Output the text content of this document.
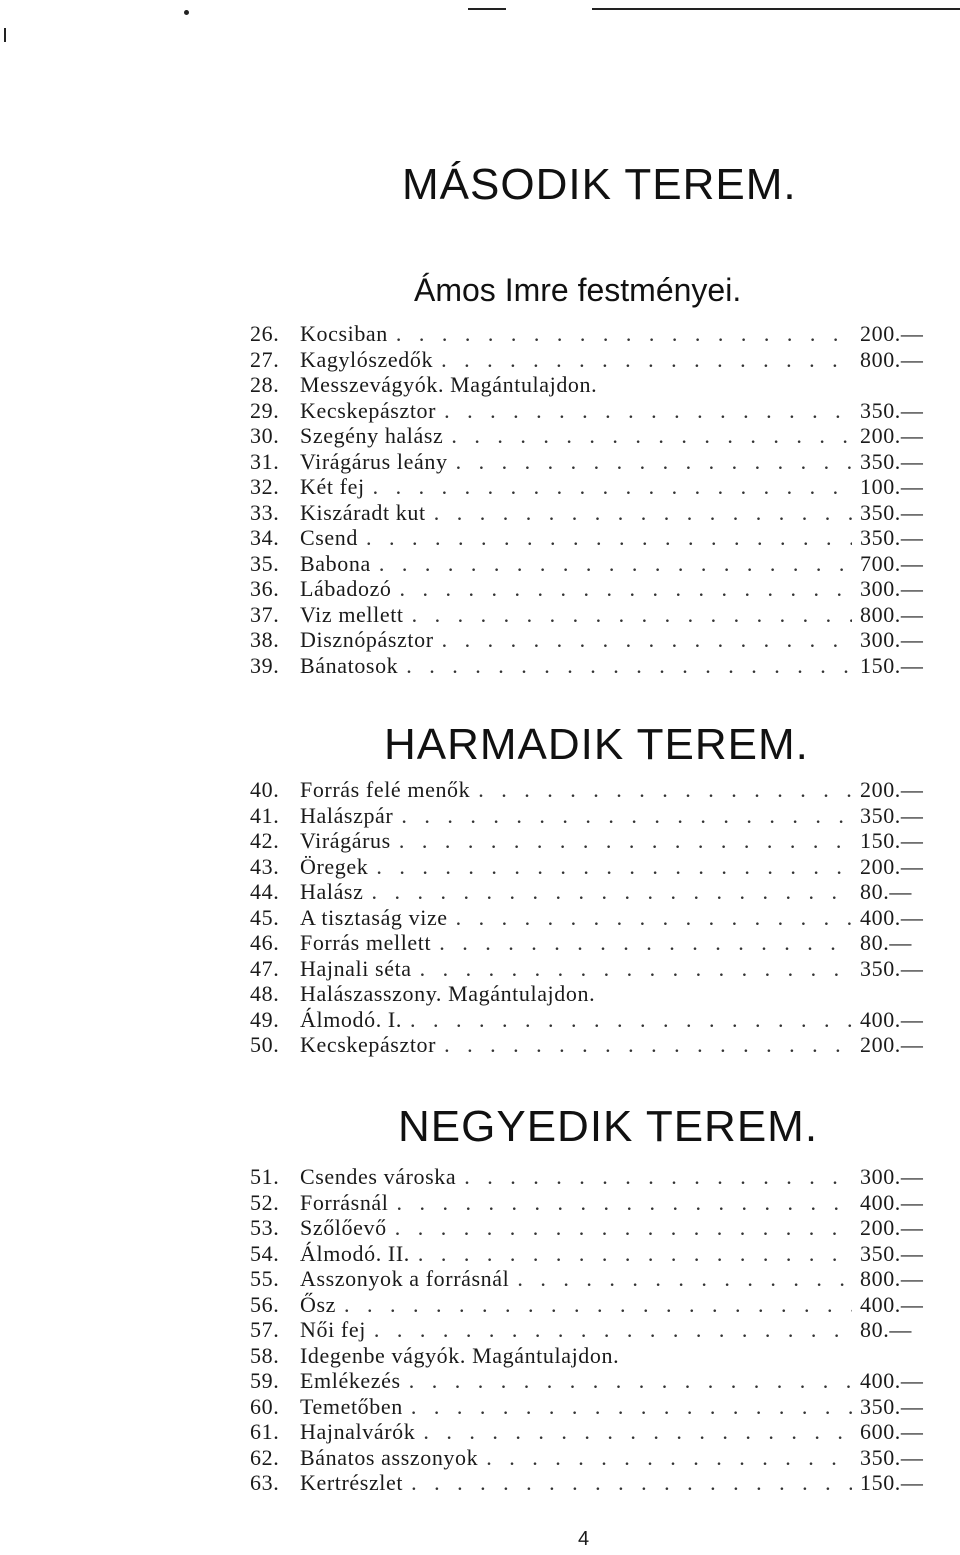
MÁSODIK TEREM.
Ámos Imre festményei.
26. Kocsiban . . .	200. —
27. Kagylószedők . . .	800. —
28. Messzevágyók. Magántulajdon.
29. Kecskepásztor . . .	350. —
30. Szegény halász . . .	200. —
31. Virágárus leány . . .	350. —
32. Két fej . . .	100. —
33. Kiszáradt kut . . .	350. —
34. Csend . . .	350. —
35. Babona . . .	700. —
36. Lábadozó . . .	300. —
37. Viz mellett . . .	800. —
38. Disznópásztor . . .	300. —
39. Bánatosok . . .	150. —
HARMADIK TEREM.
40. Forrás felé menők . . .	200. —
41. Halászpár . . .	350. —
42. Virágárus . . .	150. —
43. Öregek . . .	200. —
44. Halász . . .	80. —
45. A tisztaság vize . . .	400. —
46. Forrás mellett . . .	80. —
47. Hajnali séta . . .	350. —
48. Halászasszony. Magántulajdon.
49. Álmodó. I. . . .	400. —
50. Kecskepásztor . . .	200. —
NEGYEDIK TEREM.
51. Csendes városka . . .	300. —
52. Forrásnál . . .	400. —
53. Szőlőevő . . .	200. —
54. Álmodó. II. . . .	350. —
55. Asszonyok a forrásnál . . .	800. —
56. Ősz . . .	400. —
57. Női fej . . .	80. —
58. Idegenbe vágyók. Magántulajdon.
59. Emlékezés . . .	400. —
60. Temetőben . . .	350. —
61. Hajnalvárók . . .	600. —
62. Bánatos asszonyok . . .	350. —
63. Kertrészlet . . .	150. —
4
